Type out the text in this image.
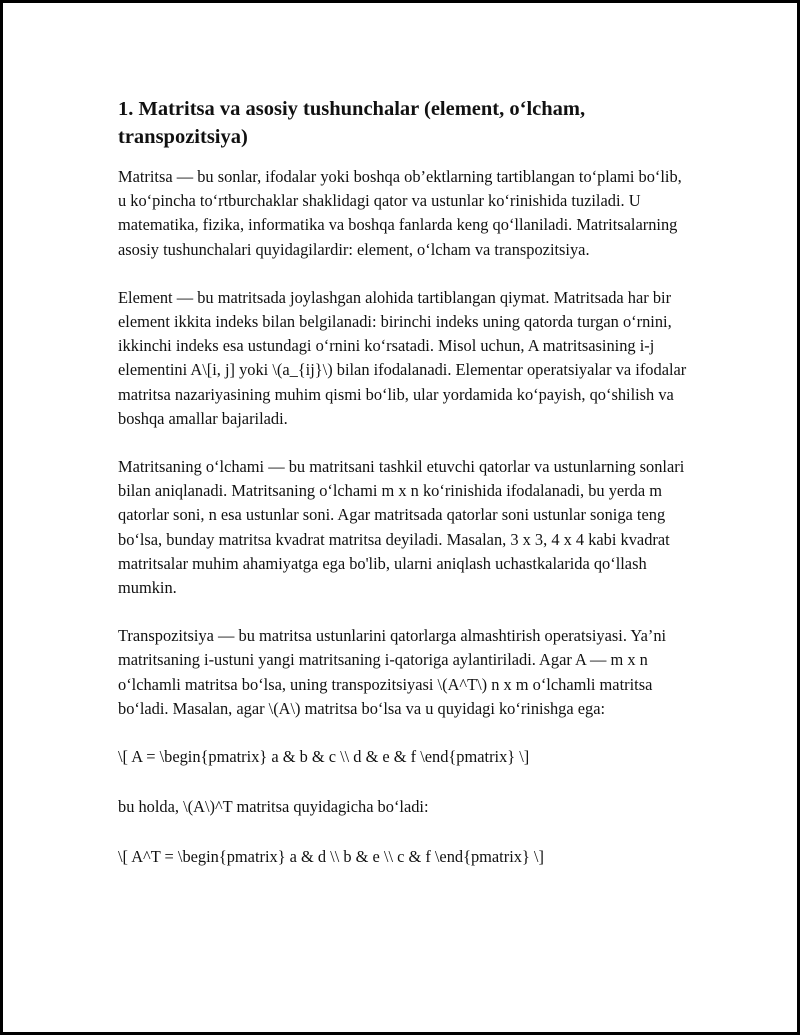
1. Matritsa va asosiy tushunchalar (element, o‘lcham, transpozitsiya)

Matritsa — bu sonlar, ifodalar yoki boshqa ob’ektlarning tartiblangan to‘plami bo‘lib, u ko‘pincha to‘rtburchaklar shaklidagi qator va ustunlar ko‘rinishida tuziladi. U matematika, fizika, informatika va boshqa fanlarda keng qo‘llaniladi. Matritsalarning asosiy tushunchalari quyidagilardir: element, o‘lcham va transpozitsiya.

Element — bu matritsada joylashgan alohida tartiblangan qiymat. Matritsada har bir element ikkita indeks bilan belgilanadi: birinchi indeks uning qatorda turgan o‘rnini, ikkinchi indeks esa ustundagi o‘rnini ko‘rsatadi. Misol uchun, A matritsasining i-j elementini A\[i, j] yoki \(a_{ij}\) bilan ifodalanadi. Elementar operatsiyalar va ifodalar matritsa nazariyasining muhim qismi bo‘lib, ular yordamida ko‘payish, qo‘shilish va boshqa amallar bajariladi.

Matritsaning o‘lchami — bu matritsani tashkil etuvchi qatorlar va ustunlarning sonlari bilan aniqlanadi. Matritsaning o‘lchami m x n ko‘rinishida ifodalanadi, bu yerda m qatorlar soni, n esa ustunlar soni. Agar matritsada qatorlar soni ustunlar soniga teng bo‘lsa, bunday matritsa kvadrat matritsa deyiladi. Masalan, 3 x 3, 4 x 4 kabi kvadrat matritsalar muhim ahamiyatga ega bo'lib, ularni aniqlash uchastkalarida qo‘llash mumkin.

Transpozitsiya — bu matritsa ustunlarini qatorlarga almashtirish operatsiyasi. Ya’ni matritsaning i-ustuni yangi matritsaning i-qatoriga aylantiriladi. Agar A — m x n o‘lchamli matritsa bo‘lsa, uning transpozitsiyasi \(A^T\) n x m o‘lchamli matritsa bo‘ladi. Masalan, agar \(A\) matritsa bo‘lsa va u quyidagi ko‘rinishga ega:

\[ A = \begin{pmatrix} a & b & c \\ d & e & f \end{pmatrix} \]

bu holda, \(A\)^T matritsa quyidagicha bo‘ladi:

\[ A^T = \begin{pmatrix} a & d \\ b & e \\ c & f \end{pmatrix} \]
